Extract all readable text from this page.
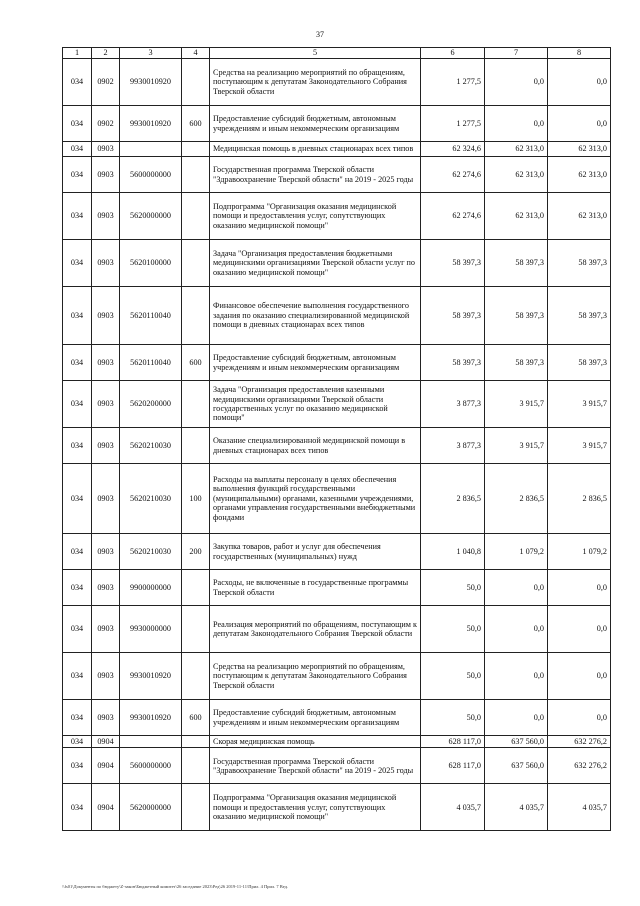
37
1	2	3	4	5	6	7	8
034	0902	9930010920		Средства на реализацию мероприятий по обращениям, поступающим к депутатам Законодательного Собрания Тверской области	1 277,5	0,0	0,0
034	0902	9930010920	600	Предоставление субсидий бюджетным, автономным учреждениям и иным некоммерческим организациям	1 277,5	0,0	0,0
034	0903			Медицинская помощь в дневных стационарах всех типов	62 324,6	62 313,0	62 313,0
034	0903	5600000000		Государственная программа Тверской области "Здравоохранение Тверской области" на 2019 - 2025 годы	62 274,6	62 313,0	62 313,0
034	0903	5620000000		Подпрограмма "Организация оказания медицинской помощи и предоставления услуг, сопутствующих оказанию медицинской помощи"	62 274,6	62 313,0	62 313,0
034	0903	5620100000		Задача "Организация предоставления бюджетными медицинскими организациями Тверской области услуг по оказанию медицинской помощи"	58 397,3	58 397,3	58 397,3
034	0903	5620110040		Финансовое обеспечение выполнения государственного задания по оказанию специализированной медицинской помощи в дневных стационарах всех типов	58 397,3	58 397,3	58 397,3
034	0903	5620110040	600	Предоставление субсидий бюджетным, автономным учреждениям и иным некоммерческим организациям	58 397,3	58 397,3	58 397,3
034	0903	5620200000		Задача "Организация предоставления казенными медицинскими организациями Тверской области государственных услуг по оказанию медицинской помощи"	3 877,3	3 915,7	3 915,7
034	0903	5620210030		Оказание специализированной медицинской помощи в дневных стационарах всех типов	3 877,3	3 915,7	3 915,7
034	0903	5620210030	100	Расходы на выплаты персоналу в целях обеспечения выполнения функций государственными (муниципальными) органами, казенными учреждениями, органами управления государственными внебюджетными фондами	2 836,5	2 836,5	2 836,5
034	0903	5620210030	200	Закупка товаров, работ и услуг для обеспечения государственных (муниципальных) нужд	1 040,8	1 079,2	1 079,2
034	0903	9900000000		Расходы, не включенные в государственные программы Тверской области	50,0	0,0	0,0
034	0903	9930000000		Реализация мероприятий по обращениям, поступающим к депутатам Законодательного Собрания Тверской области	50,0	0,0	0,0
034	0903	9930010920		Средства на реализацию мероприятий по обращениям, поступающим к депутатам Законодательного Собрания Тверской области	50,0	0,0	0,0
034	0903	9930010920	600	Предоставление субсидий бюджетным, автономным учреждениям и иным некоммерческим организациям	50,0	0,0	0,0
034	0904			Скорая медицинская помощь	628 117,0	637 560,0	632 276,2
034	0904	5600000000		Государственная программа Тверской области "Здравоохранение Тверской области" на 2019 - 2025 годы	628 117,0	637 560,0	632 276,2
034	0904	5620000000		Подпрограмма "Организация оказания медицинской помощи и предоставления услуг, сопутствующих оказанию медицинской помощи"	4 035,7	4 035,7	4 035,7
\\fs01\Документы по бюджету\Z-закон\Бюджетный комитет\26 заседание 2023\Ред\26 2019-11-11\Прил. 4 Прил. 7 Вед.
